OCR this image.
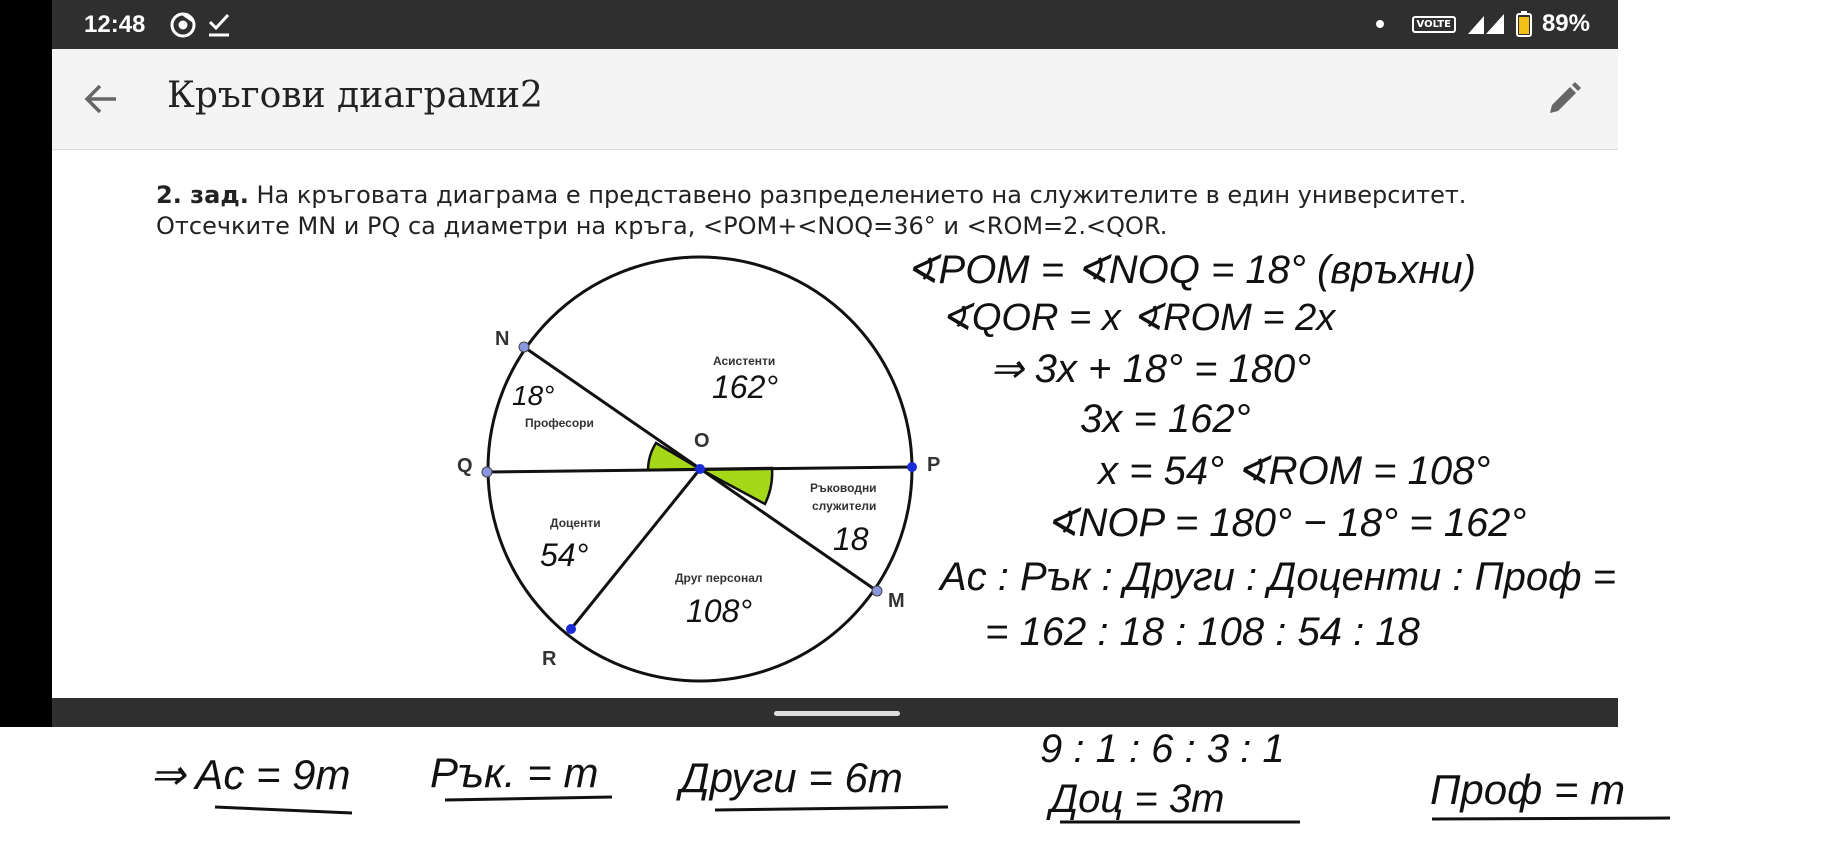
12:48	VOLTE	89%
Кръгови диаграми2
2. зад. На кръговата диаграма е представено разпределението на служителите в един университет.
Отсечките MN и PQ са диаметри на кръга, <POM+<NOQ=36° и <ROM=2.<QOR.
N
Q
O
P
M
R
Асистенти
Професори
Доценти
Друг персонал
Ръководни
служители
18°	162°
54°
108°
18
∢POM = ∢NOQ = 18° (връхни)
∢QOR = x ∢ROM = 2x
⇒ 3x + 18° = 180°
3x = 162°
x = 54° ∢ROM = 108°
∢NOP = 180° − 18° = 162°
Ac : Рък : Други : Доценти : Проф =
= 162 : 18 : 108 : 54 : 18
⇒ Ac = 9m Рък. = m Други = 6m
9 : 1 : 6 : 3 : 1
Доц = 3m	Проф = m
